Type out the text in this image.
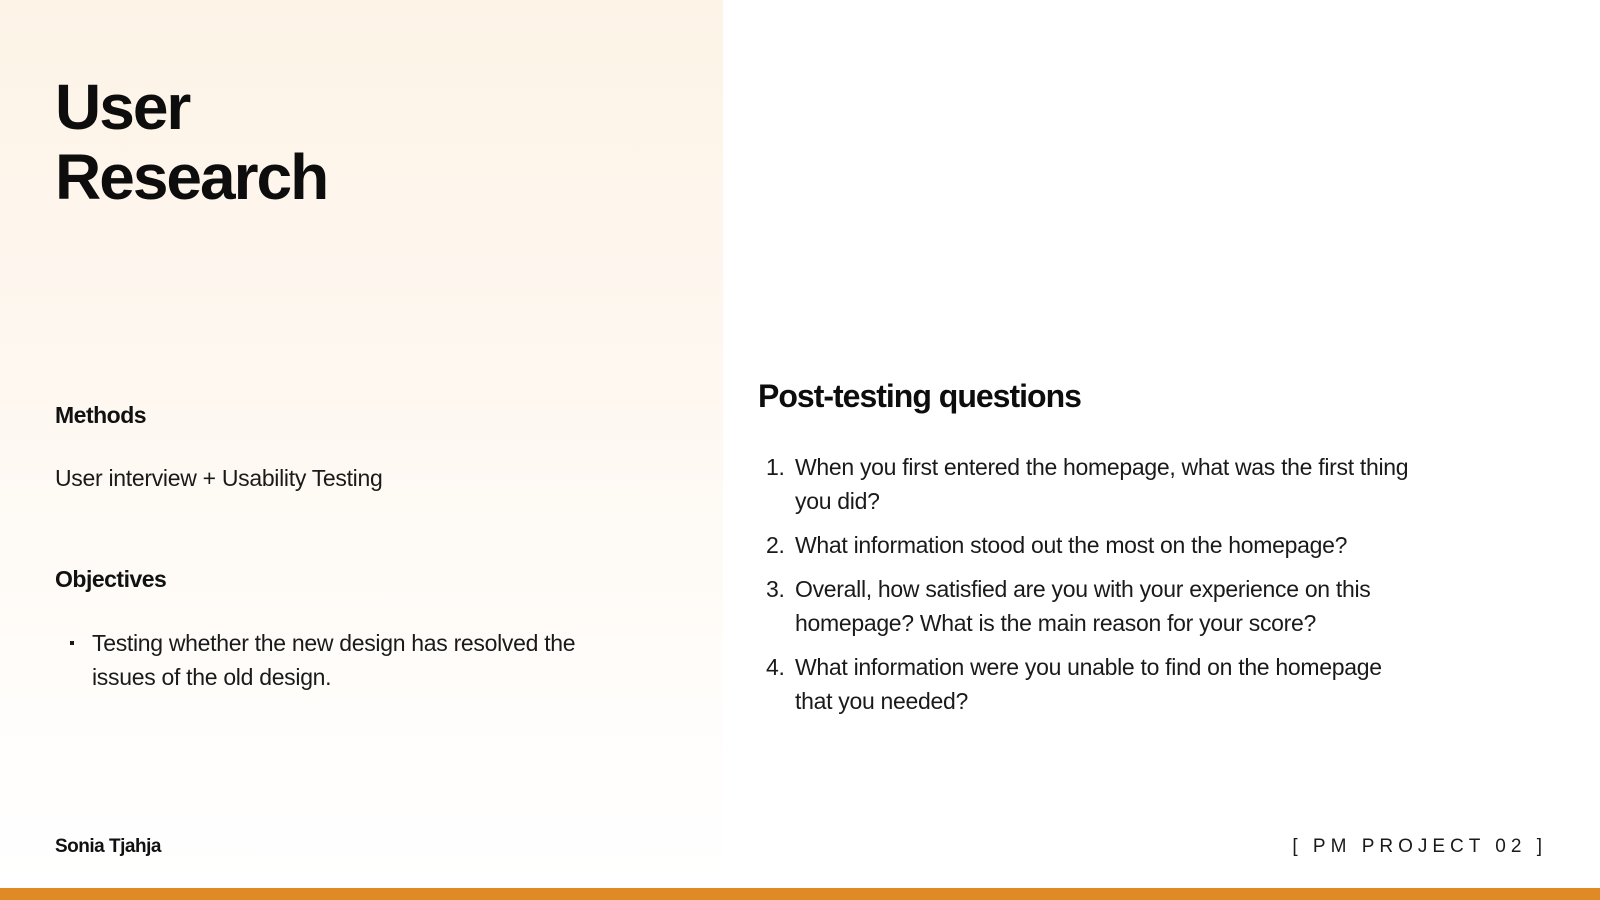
User
Research
Methods

User interview + Usability Testing

Objectives
Testing whether the new design has resolved the issues of the old design.
Post-testing questions
1. When you first entered the homepage, what was the first thing you did?
2. What information stood out the most on the homepage?
3. Overall, how satisfied are you with your experience on this homepage? What is the main reason for your score?
4. What information were you unable to find on the homepage that you needed?

Sonia Tjahja	[ PM PROJECT 02 ]
